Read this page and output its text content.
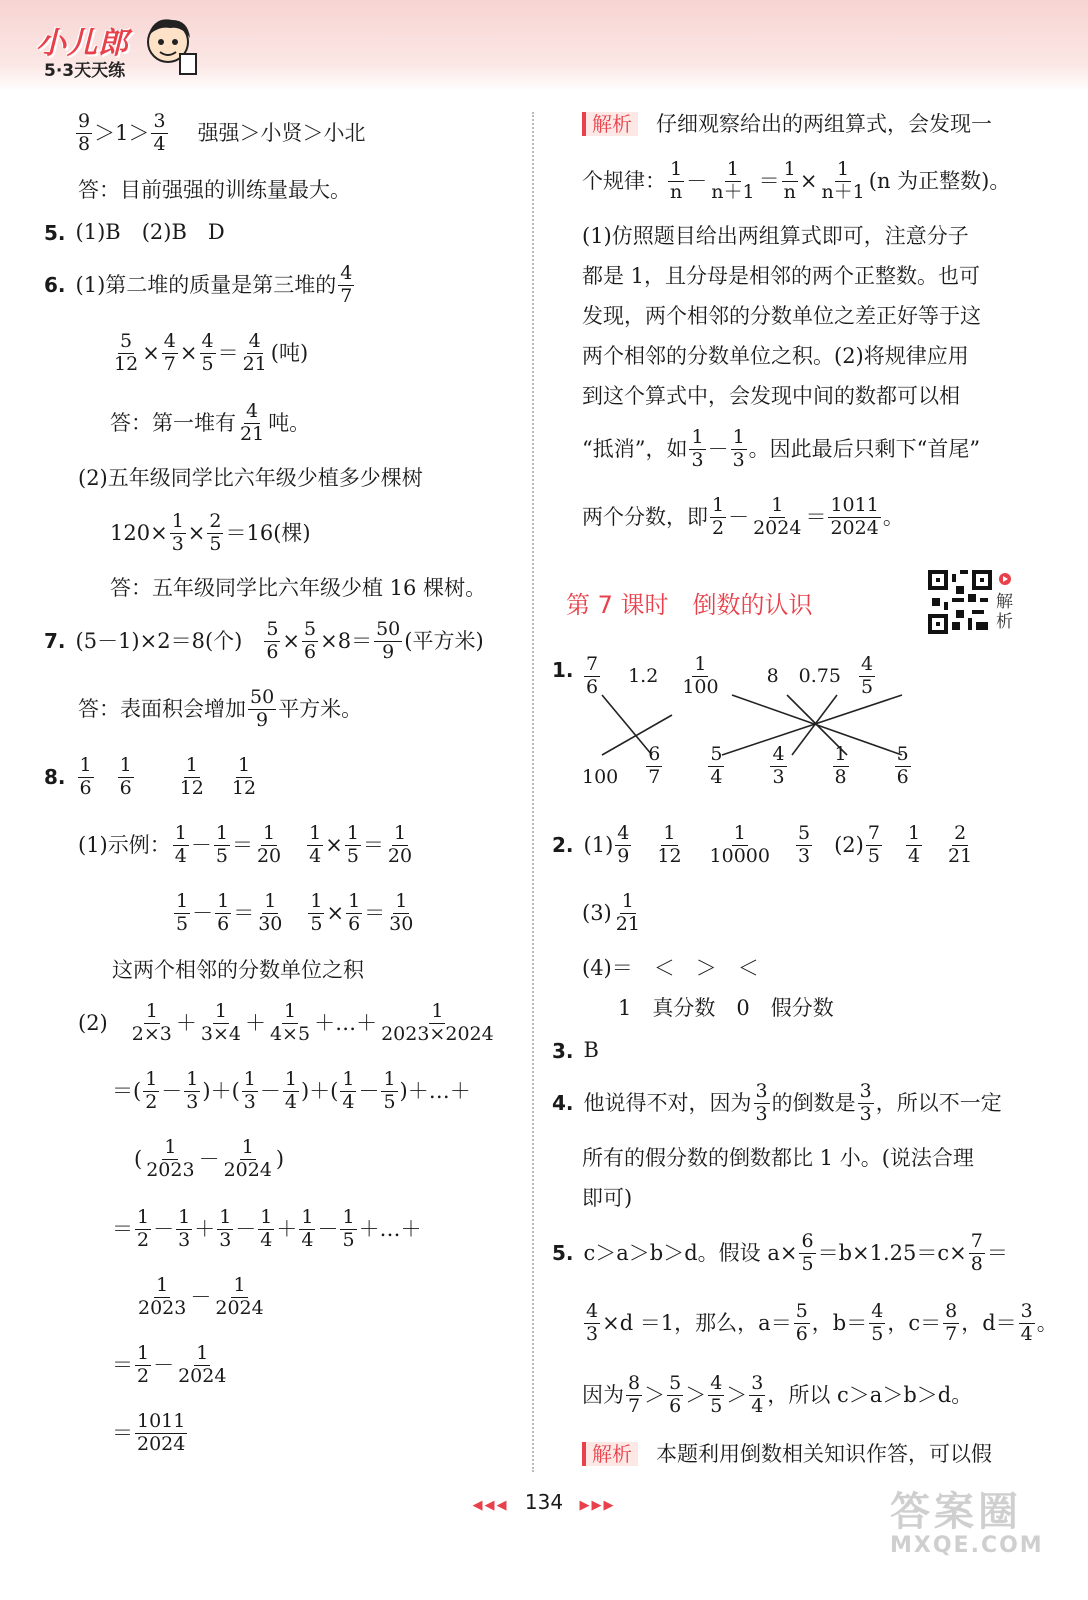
小儿郎
5·3天天练
$\frac{9}{8} >1> \frac{3}{4}$ 强强＞小贤＞小北
答：目前强强的训练量最大。
5. (1)B　(2)B　D
6. (1)第二堆的质量是第三堆的 $\frac{4}{7}$
$\frac{5}{12} \times \frac{4}{7} \times \frac{4}{5} = \frac{4}{21}$ (吨)
答：第一堆有 $\frac{4}{21}$ 吨。
(2)五年级同学比六年级少植多少棵树
$120\times \frac{1}{3} \times \frac{2}{5} =16$(棵)
答：五年级同学比六年级少植 16 棵树。
7. (5－1)×2＝8(个) $\frac{5}{6} \times \frac{5}{6} \times 8= \frac{50}{9}$ (平方米)
答：表面积会增加 $\frac{50}{9}$ 平方米。
8. $\frac{1}{6} \frac{1}{6} \frac{1}{12} \frac{1}{12}$
(1)示例： $\frac{1}{4} - \frac{1}{5} = \frac{1}{20} \frac{1}{4} \times \frac{1}{5} = \frac{1}{20}$
$\frac{1}{5} - \frac{1}{6} = \frac{1}{30} \frac{1}{5} \times \frac{1}{6} = \frac{1}{30}$
这两个相邻的分数单位之积
$(2) \frac{1}{2\times 3} + \frac{1}{3\times 4} + \frac{1}{4\times 5}$ ＋…＋ $\frac{1}{2023\times 2024}$
＝( $\frac{1}{2} - \frac{1}{3}$ )＋( $\frac{1}{3} - \frac{1}{4}$ )＋( $\frac{1}{4} - \frac{1}{5}$ )＋…＋
( $\frac{1}{2023} - \frac{1}{2024}$ )
＝ $\frac{1}{2} - \frac{1}{3} + \frac{1}{3} - \frac{1}{4} + \frac{1}{4} - \frac{1}{5}$ ＋…＋
$\frac{1}{2023} - \frac{1}{2024}$
＝ $\frac{1}{2} - \frac{1}{2024}$
＝ $\frac{1011}{2024}$
解析 仔细观察给出的两组算式，会发现一
个规律： $\frac{1}{n} - \frac{1}{n+1} = \frac{1}{n} \times \frac{1}{n+1} (n$ 为正整数)。
(1)仿照题目给出两组算式即可，注意分子
都是 1，且分母是相邻的两个正整数。也可
发现，两个相邻的分数单位之差正好等于这
两个相邻的分数单位之积。(2)将规律应用
到这个算式中，会发现中间的数都可以相
“抵消”，如 $\frac{1}{3} - \frac{1}{3}$ 。因此最后只剩下“首尾”
两个分数，即 $\frac{1}{2} - \frac{1}{2024} = \frac{1011}{2024}$ 。
第 7 课时　倒数的认识	解析
1. $\frac{7}{6} 1.2 \frac{1}{100} 8$ $0.75 \frac{4}{5}$
$100 \frac{6}{7} \frac{5}{4} \frac{4}{3} \frac{1}{8} \frac{5}{6}$
2. $(1) \frac{4}{9} \frac{1}{12} \frac{1}{10000} \frac{5}{3} (2) \frac{7}{5} \frac{1}{4} \frac{2}{21}$
$(3) \frac{1}{21}$
(4)＝　＜　＞　＜
1　真分数　0　假分数
3. B
4. 他说得不对，因为 $\frac{3}{3}$ 的倒数是 $\frac{3}{3}$ ，所以不一定
所有的假分数的倒数都比 1 小。(说法合理
即可)
5. c＞a＞b＞d。假设 $a\times \frac{6}{5} =b\times 1.25=c\times \frac{7}{8}$ ＝
$\frac{4}{3} \times d =1$，那么，$a= \frac{5}{6}$ ，$b= \frac{4}{5}$ ，$c= \frac{8}{7}$ ，$d= \frac{3}{4}$ 。
因为 $\frac{8}{7} > \frac{5}{6} > \frac{4}{5} > \frac{3}{4}$ ，所以 c＞a＞b＞d。
解析 本题利用倒数相关知识作答，可以假
◀◀◀ 134 ▶▶▶	答案圈
MXQE.COM
